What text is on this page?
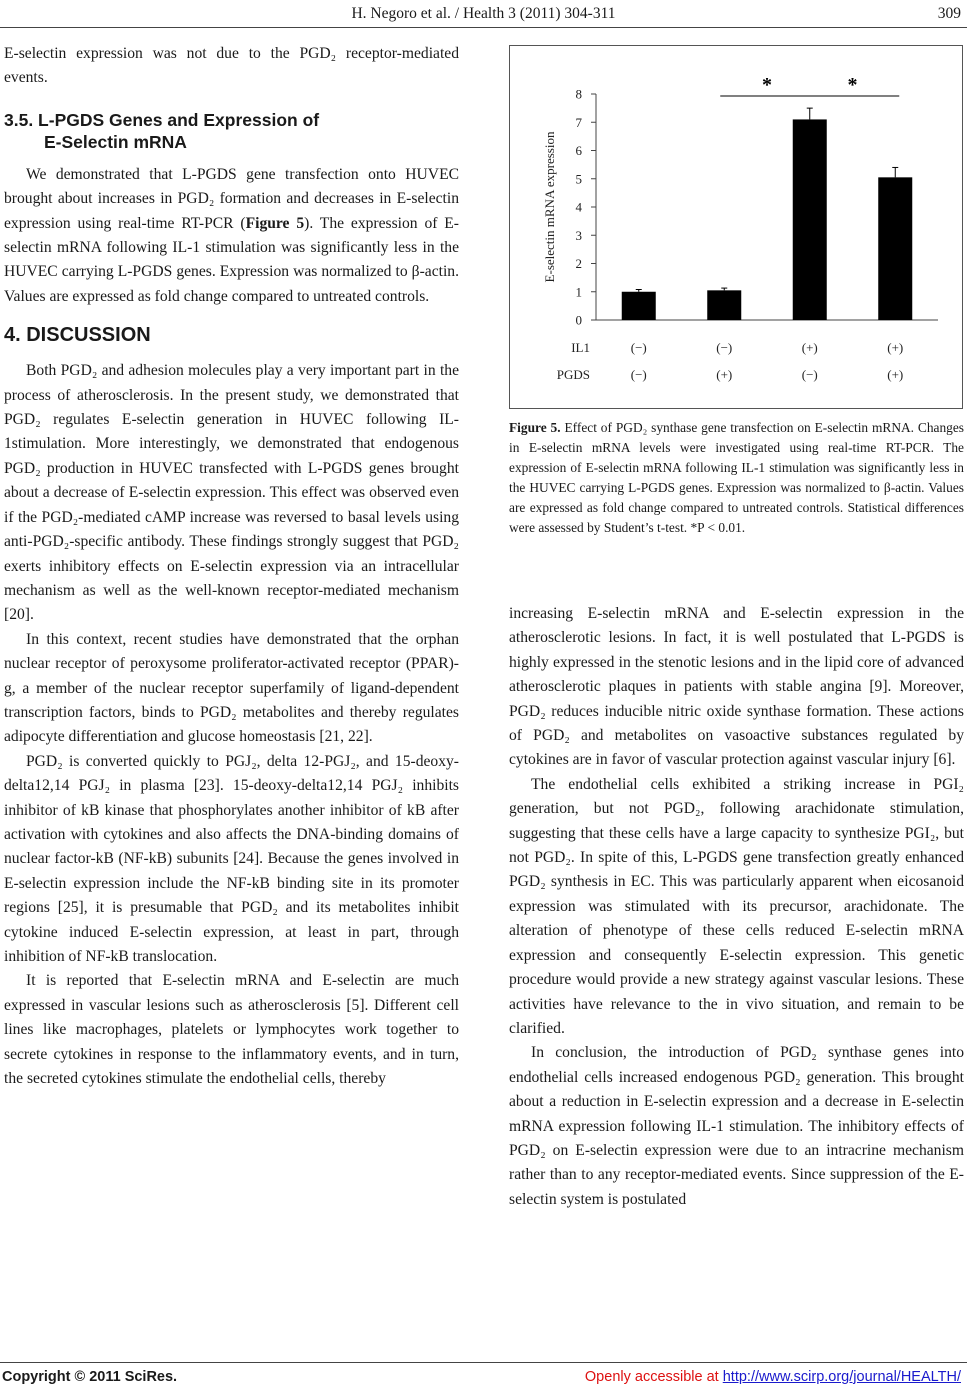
H. Negoro et al. / Health 3 (2011) 304-311	309

E-selectin expression was not due to the PGD₂ receptor-mediated events.

3.5. L-PGDS Genes and Expression of
E-Selectin mRNA

We demonstrated that L-PGDS gene transfection onto HUVEC brought about increases in PGD₂ formation and decreases in E-selectin expression using real-time RT-PCR (Figure 5). The expression of E-selectin mRNA following IL-1 stimulation was significantly less in the HUVEC carrying L-PGDS genes. Expression was normalized to β-actin. Values are expressed as fold change compared to untreated controls.

4. DISCUSSION

Both PGD₂ and adhesion molecules play a very important part in the process of atherosclerosis. In the present study, we demonstrated that PGD₂ regulates E-selectin generation in HUVEC following IL-1stimulation. More interestingly, we demonstrated that endogenous PGD₂ production in HUVEC transfected with L-PGDS genes brought about a decrease of E-selectin expression. This effect was observed even if the PGD₂-mediated cAMP increase was reversed to basal levels using anti-PGD₂-specific antibody. These findings strongly suggest that PGD₂ exerts inhibitory effects on E-selectin expression via an intracellular mechanism as well as the well-known receptor-mediated mechanism [20].

In this context, recent studies have demonstrated that the orphan nuclear receptor of peroxysome proliferator-activated receptor (PPAR)-g, a member of the nuclear receptor superfamily of ligand-dependent transcription factors, binds to PGD₂ metabolites and thereby regulates adipocyte differentiation and glucose homeostasis [21, 22].

PGD₂ is converted quickly to PGJ₂, delta 12-PGJ₂, and 15-deoxy-delta12,14 PGJ₂ in plasma [23]. 15-deoxy-delta12,14 PGJ₂ inhibits inhibitor of kB kinase that phosphorylates another inhibitor of kB after activation with cytokines and also affects the DNA-binding domains of nuclear factor-kB (NF-kB) subunits [24]. Because the genes involved in E-selectin expression include the NF-kB binding site in its promoter regions [25], it is presumable that PGD₂ and its metabolites inhibit cytokine induced E-selectin expression, at least in part, through inhibition of NF-kB translocation.

It is reported that E-selectin mRNA and E-selectin are much expressed in vascular lesions such as atherosclerosis [5]. Different cell lines like macrophages, platelets or lymphocytes work together to secrete cytokines in response to the inflammatory events, and in turn, the secreted cytokines stimulate the endothelial cells, thereby

E-selectin mRNA expression
0
1
2
3
4
5
6
7
8	*	*
IL1	(−)	(−)	(+)	(+)
PGDS	(−)	(+)	(−)	(+)
Figure 5. Effect of PGD₂ synthase gene transfection on E-selectin mRNA. Changes in E-selectin mRNA levels were investigated using real-time RT-PCR. The expression of E-selectin mRNA following IL-1 stimulation was significantly less in the HUVEC carrying L-PGDS genes. Expression was normalized to β-actin. Values are expressed as fold change compared to untreated controls. Statistical differences were assessed by Student’s t-test. *P < 0.01.

increasing E-selectin mRNA and E-selectin expression in the atherosclerotic lesions. In fact, it is well postulated that L-PGDS is highly expressed in the stenotic lesions and in the lipid core of advanced atherosclerotic plaques in patients with stable angina [9]. Moreover, PGD₂ reduces inducible nitric oxide synthase formation. These actions of PGD₂ and metabolites on vasoactive substances regulated by cytokines are in favor of vascular protection against vascular injury [6].

The endothelial cells exhibited a striking increase in PGI₂ generation, but not PGD₂, following arachidonate stimulation, suggesting that these cells have a large capacity to synthesize PGI₂, but not PGD₂. In spite of this, L-PGDS gene transfection greatly enhanced PGD₂ synthesis in EC. This was particularly apparent when eicosanoid expression was stimulated with its precursor, arachidonate. The alteration of phenotype of these cells reduced E-selectin mRNA expression and consequently E-selectin expression. This genetic procedure would provide a new strategy against vascular lesions. These activities have relevance to the in vivo situation, and remain to be clarified.

In conclusion, the introduction of PGD₂ synthase genes into endothelial cells increased endogenous PGD₂ generation. This brought about a reduction in E-selectin expression and a decrease in E-selectin mRNA expression following IL-1 stimulation. The inhibitory effects of PGD₂ on E-selectin expression were due to an intracrine mechanism rather than to any receptor-mediated events. Since suppression of the E-selectin system is postulated

Copyright © 2011 SciRes.	Openly accessible at http://www.scirp.org/journal/HEALTH/
